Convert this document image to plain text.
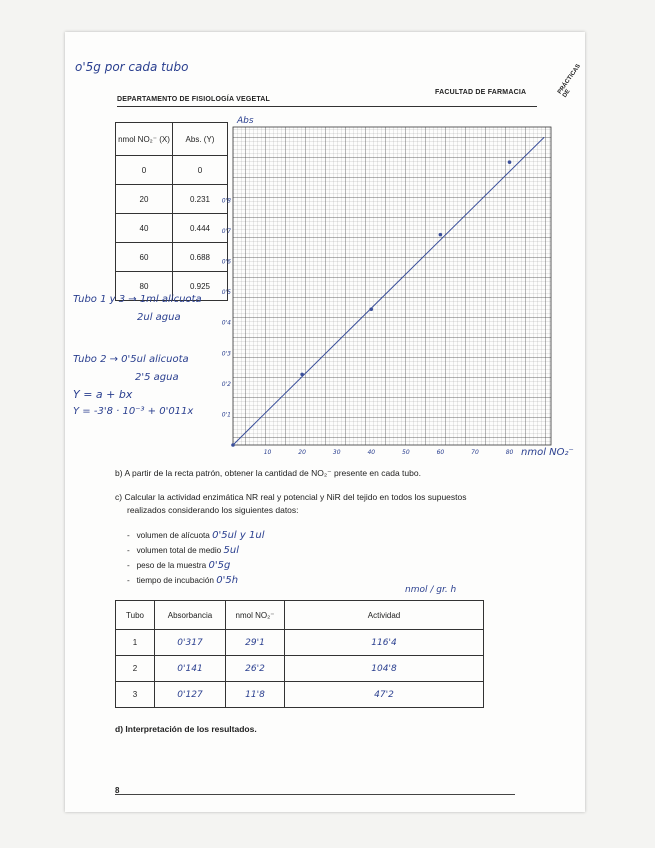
o'5g por cada tubo
DEPARTAMENTO DE FISIOLOGÍA VEGETAL
FACULTAD DE FARMACIA	PRÁCTICAS DE
nmol NO₂⁻ (X)	Abs. (Y)
0	0
20	0.231
40	0.444
60	0.688
80	0.925
Abs
nmol NO₂⁻
10	20	30	40	50	60	70	80
0'1
0'2
0'3
0'4
0'5
0'6
0'7
0'8
Tubo 1 y 3 → 1ml alicuota
2ul agua
Tubo 2 → 0'5ul alicuota
2'5 agua
Y = a + bx
Y = -3'8 · 10⁻³ + 0'011x
b) A partir de la recta patrón, obtener la cantidad de NO₂⁻ presente en cada tubo.
c) Calcular la actividad enzimática NR real y potencial y NiR del tejido en todos los supuestos
realizados considerando los siguientes datos:
-   volumen de alícuota 0'5ul y 1ul
-   volumen total de medio 5ul
-   peso de la muestra 0'5g
-   tiempo de incubación 0'5h
nmol / gr. h
Tubo	Absorbancia	nmol NO₂⁻	Actividad
1	0'317	29'1	116'4
2	0'141	26'2	104'8
3	0'127	11'8	47'2
d) Interpretación de los resultados.
8
